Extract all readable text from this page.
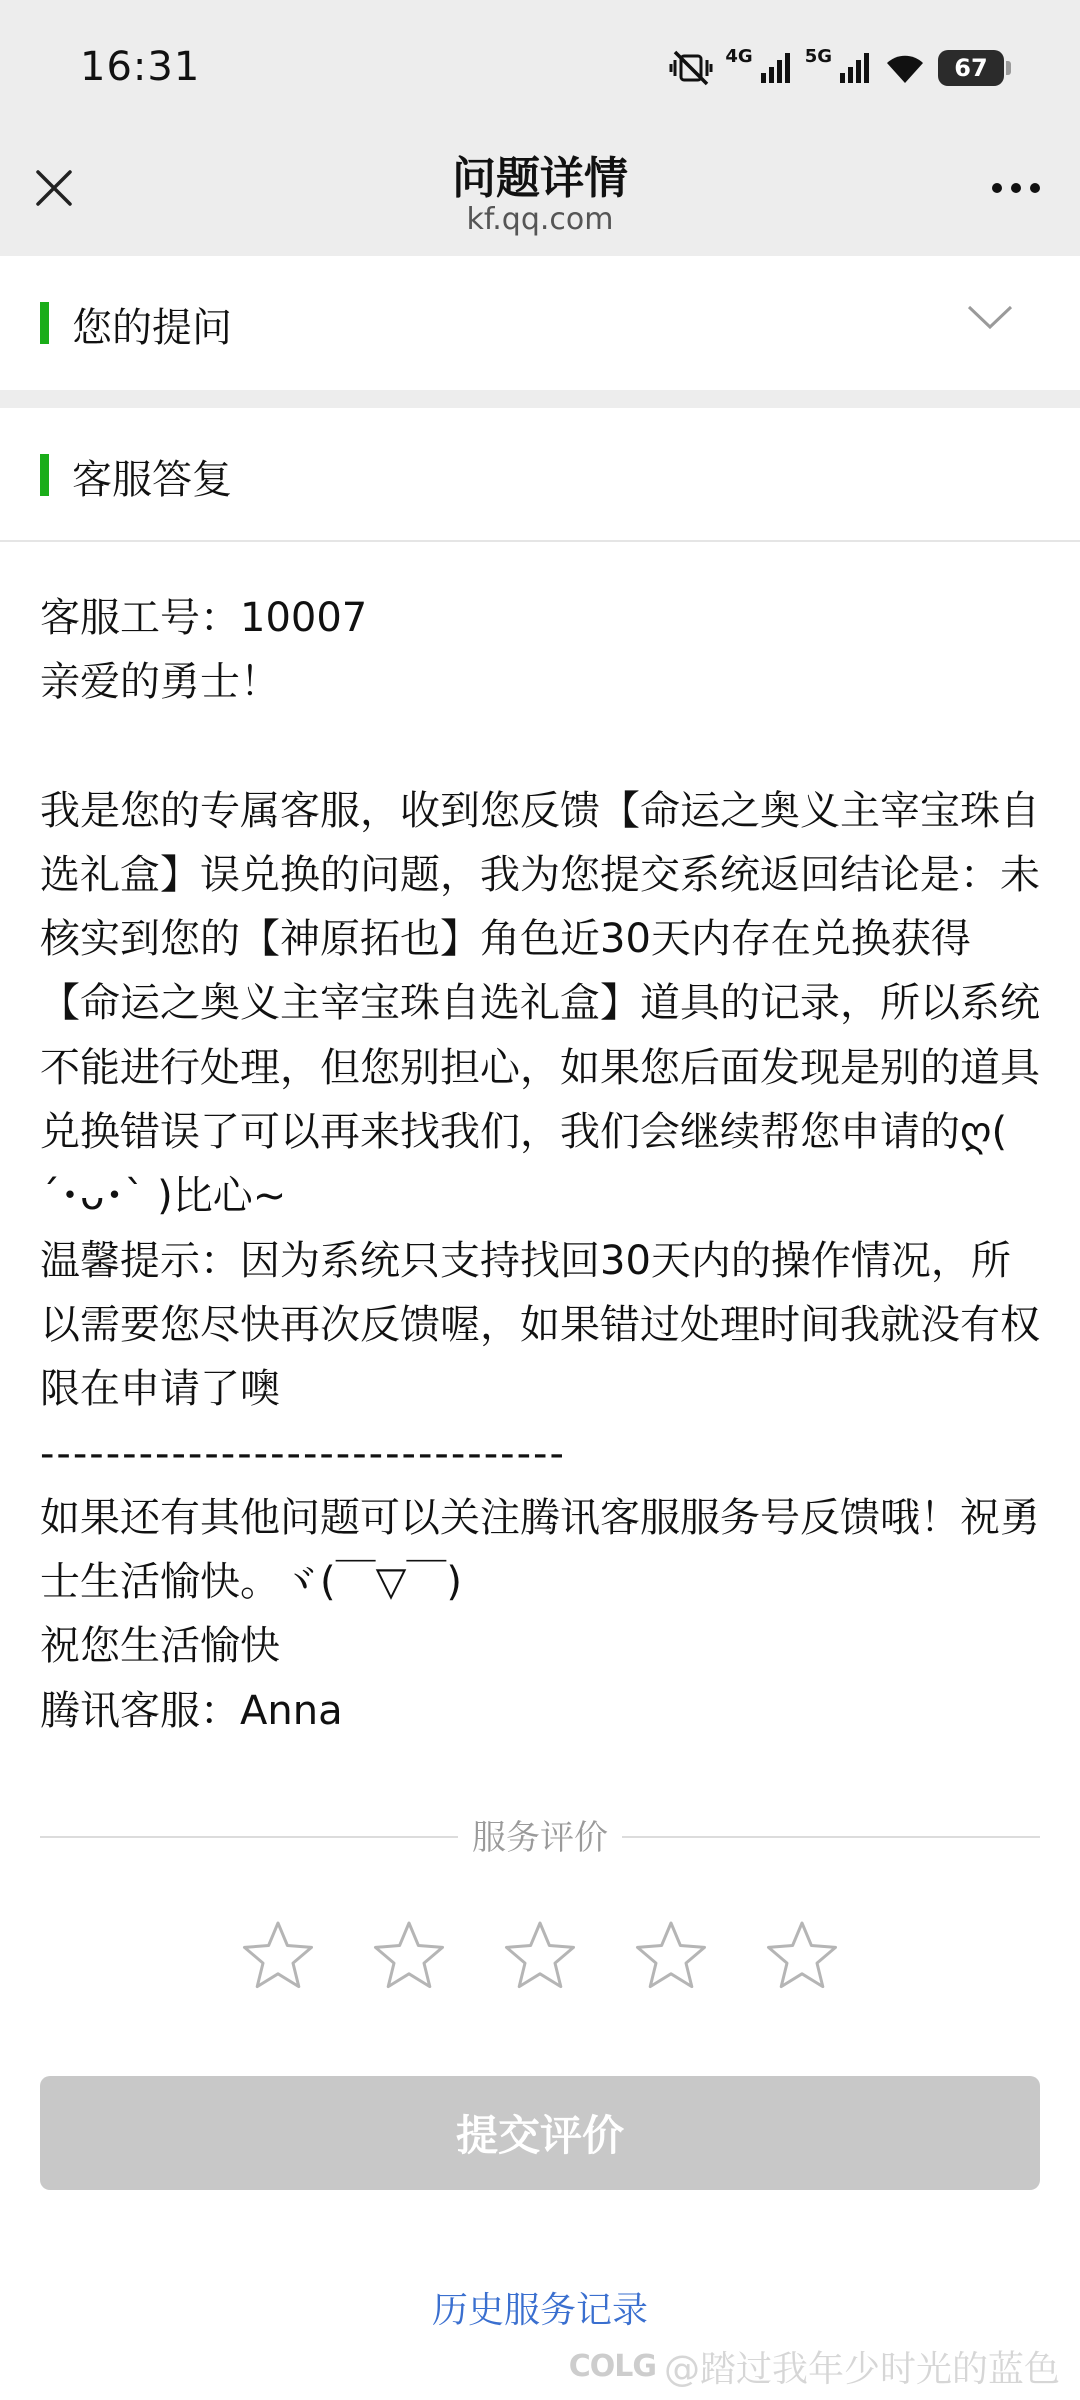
16:31	4G	5G	67
问题详情
kf.qq.com
您的提问
客服答复

客服工号：10007

亲爱的勇士！

我是您的专属客服，收到您反馈【命运之奥义主宰宝珠自选礼盒】误兑换的问题，我为您提交系统返回结论是：未核实到您的【神原拓也】角色近30天内存在兑换获得【命运之奥义主宰宝珠自选礼盒】道具的记录，所以系统不能进行处理，但您别担心，如果您后面发现是别的道具兑换错误了可以再来找我们，我们会继续帮您申请的ღ( ´･ᴗ･` )比心~

温馨提示：因为系统只支持找回30天内的操作情况，所以需要您尽快再次反馈喔，如果错过处理时间我就没有权限在申请了噢

--------------------------------

如果还有其他问题可以关注腾讯客服服务号反馈哦！祝勇士生活愉快。ヾ(￣▽￣)

祝您生活愉快

腾讯客服：Anna

服务评价
提交评价
历史服务记录
COLG @踏过我年少时光的蓝色
